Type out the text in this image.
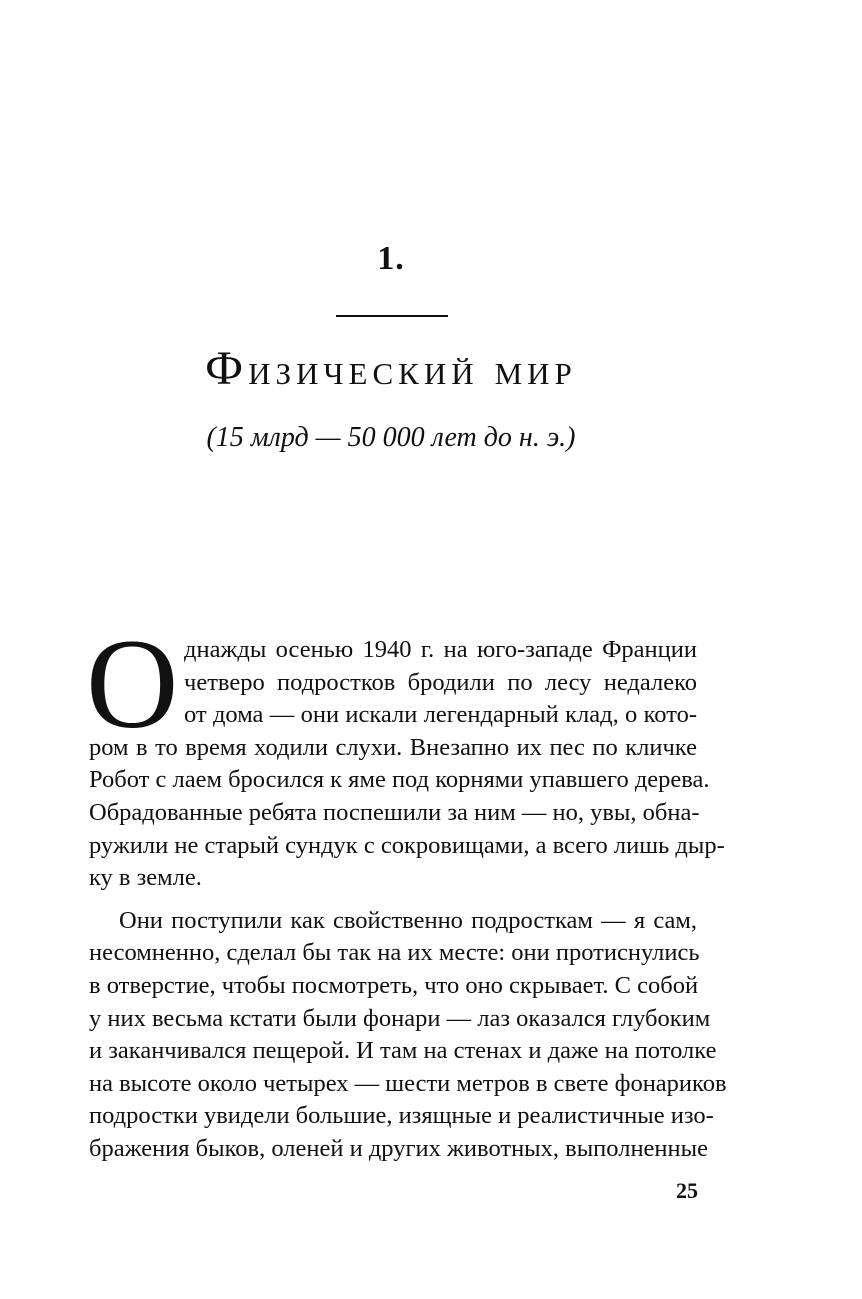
1.
Физический мир
(15 млрд — 50 000 лет до н. э.)
О днажды осенью 1940 г. на юго-западе Франции
четверо подростков бродили по лесу недалеко
от дома — они искали легендарный клад, о кото-
ром в то время ходили слухи. Внезапно их пес по кличке
Робот с лаем бросился к яме под корнями упавшего дерева.
Обрадованные ребята поспешили за ним — но, увы, обна-
ружили не старый сундук с сокровищами, а всего лишь дыр-
ку в земле.
Они поступили как свойственно подросткам — я сам,
несомненно, сделал бы так на их месте: они протиснулись
в отверстие, чтобы посмотреть, что оно скрывает. С собой
у них весьма кстати были фонари — лаз оказался глубоким
и заканчивался пещерой. И там на стенах и даже на потолке
на высоте около четырех — шести метров в свете фонариков
подростки увидели большие, изящные и реалистичные изо-
бражения быков, оленей и других животных, выполненные
25
